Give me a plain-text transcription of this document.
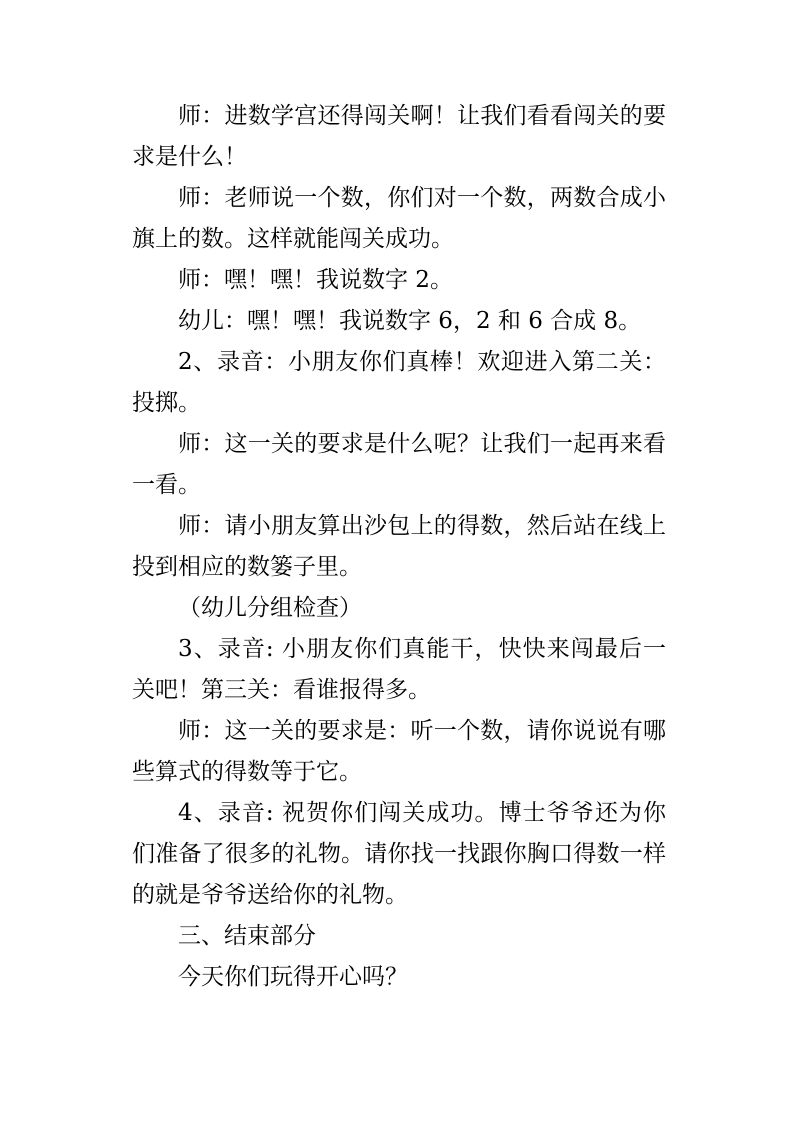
师：进数学宫还得闯关啊！让我们看看闯关的要求是什么！

师：老师说一个数，你们对一个数，两数合成小旗上的数。这样就能闯关成功。

师：嘿！嘿！我说数字 2。

幼儿：嘿！嘿！我说数字 6，2 和 6 合成 8。

2、录音：小朋友你们真棒！欢迎进入第二关：投掷。

师：这一关的要求是什么呢？让我们一起再来看一看。

师：请小朋友算出沙包上的得数，然后站在线上投到相应的数篓子里。

（幼儿分组检查）

3、录音: 小朋友你们真能干，快快来闯最后一关吧！第三关：看谁报得多。

师：这一关的要求是：听一个数，请你说说有哪些算式的得数等于它。

4、录音: 祝贺你们闯关成功。博士爷爷还为你们准备了很多的礼物。请你找一找跟你胸口得数一样的就是爷爷送给你的礼物。

三、结束部分

今天你们玩得开心吗？
